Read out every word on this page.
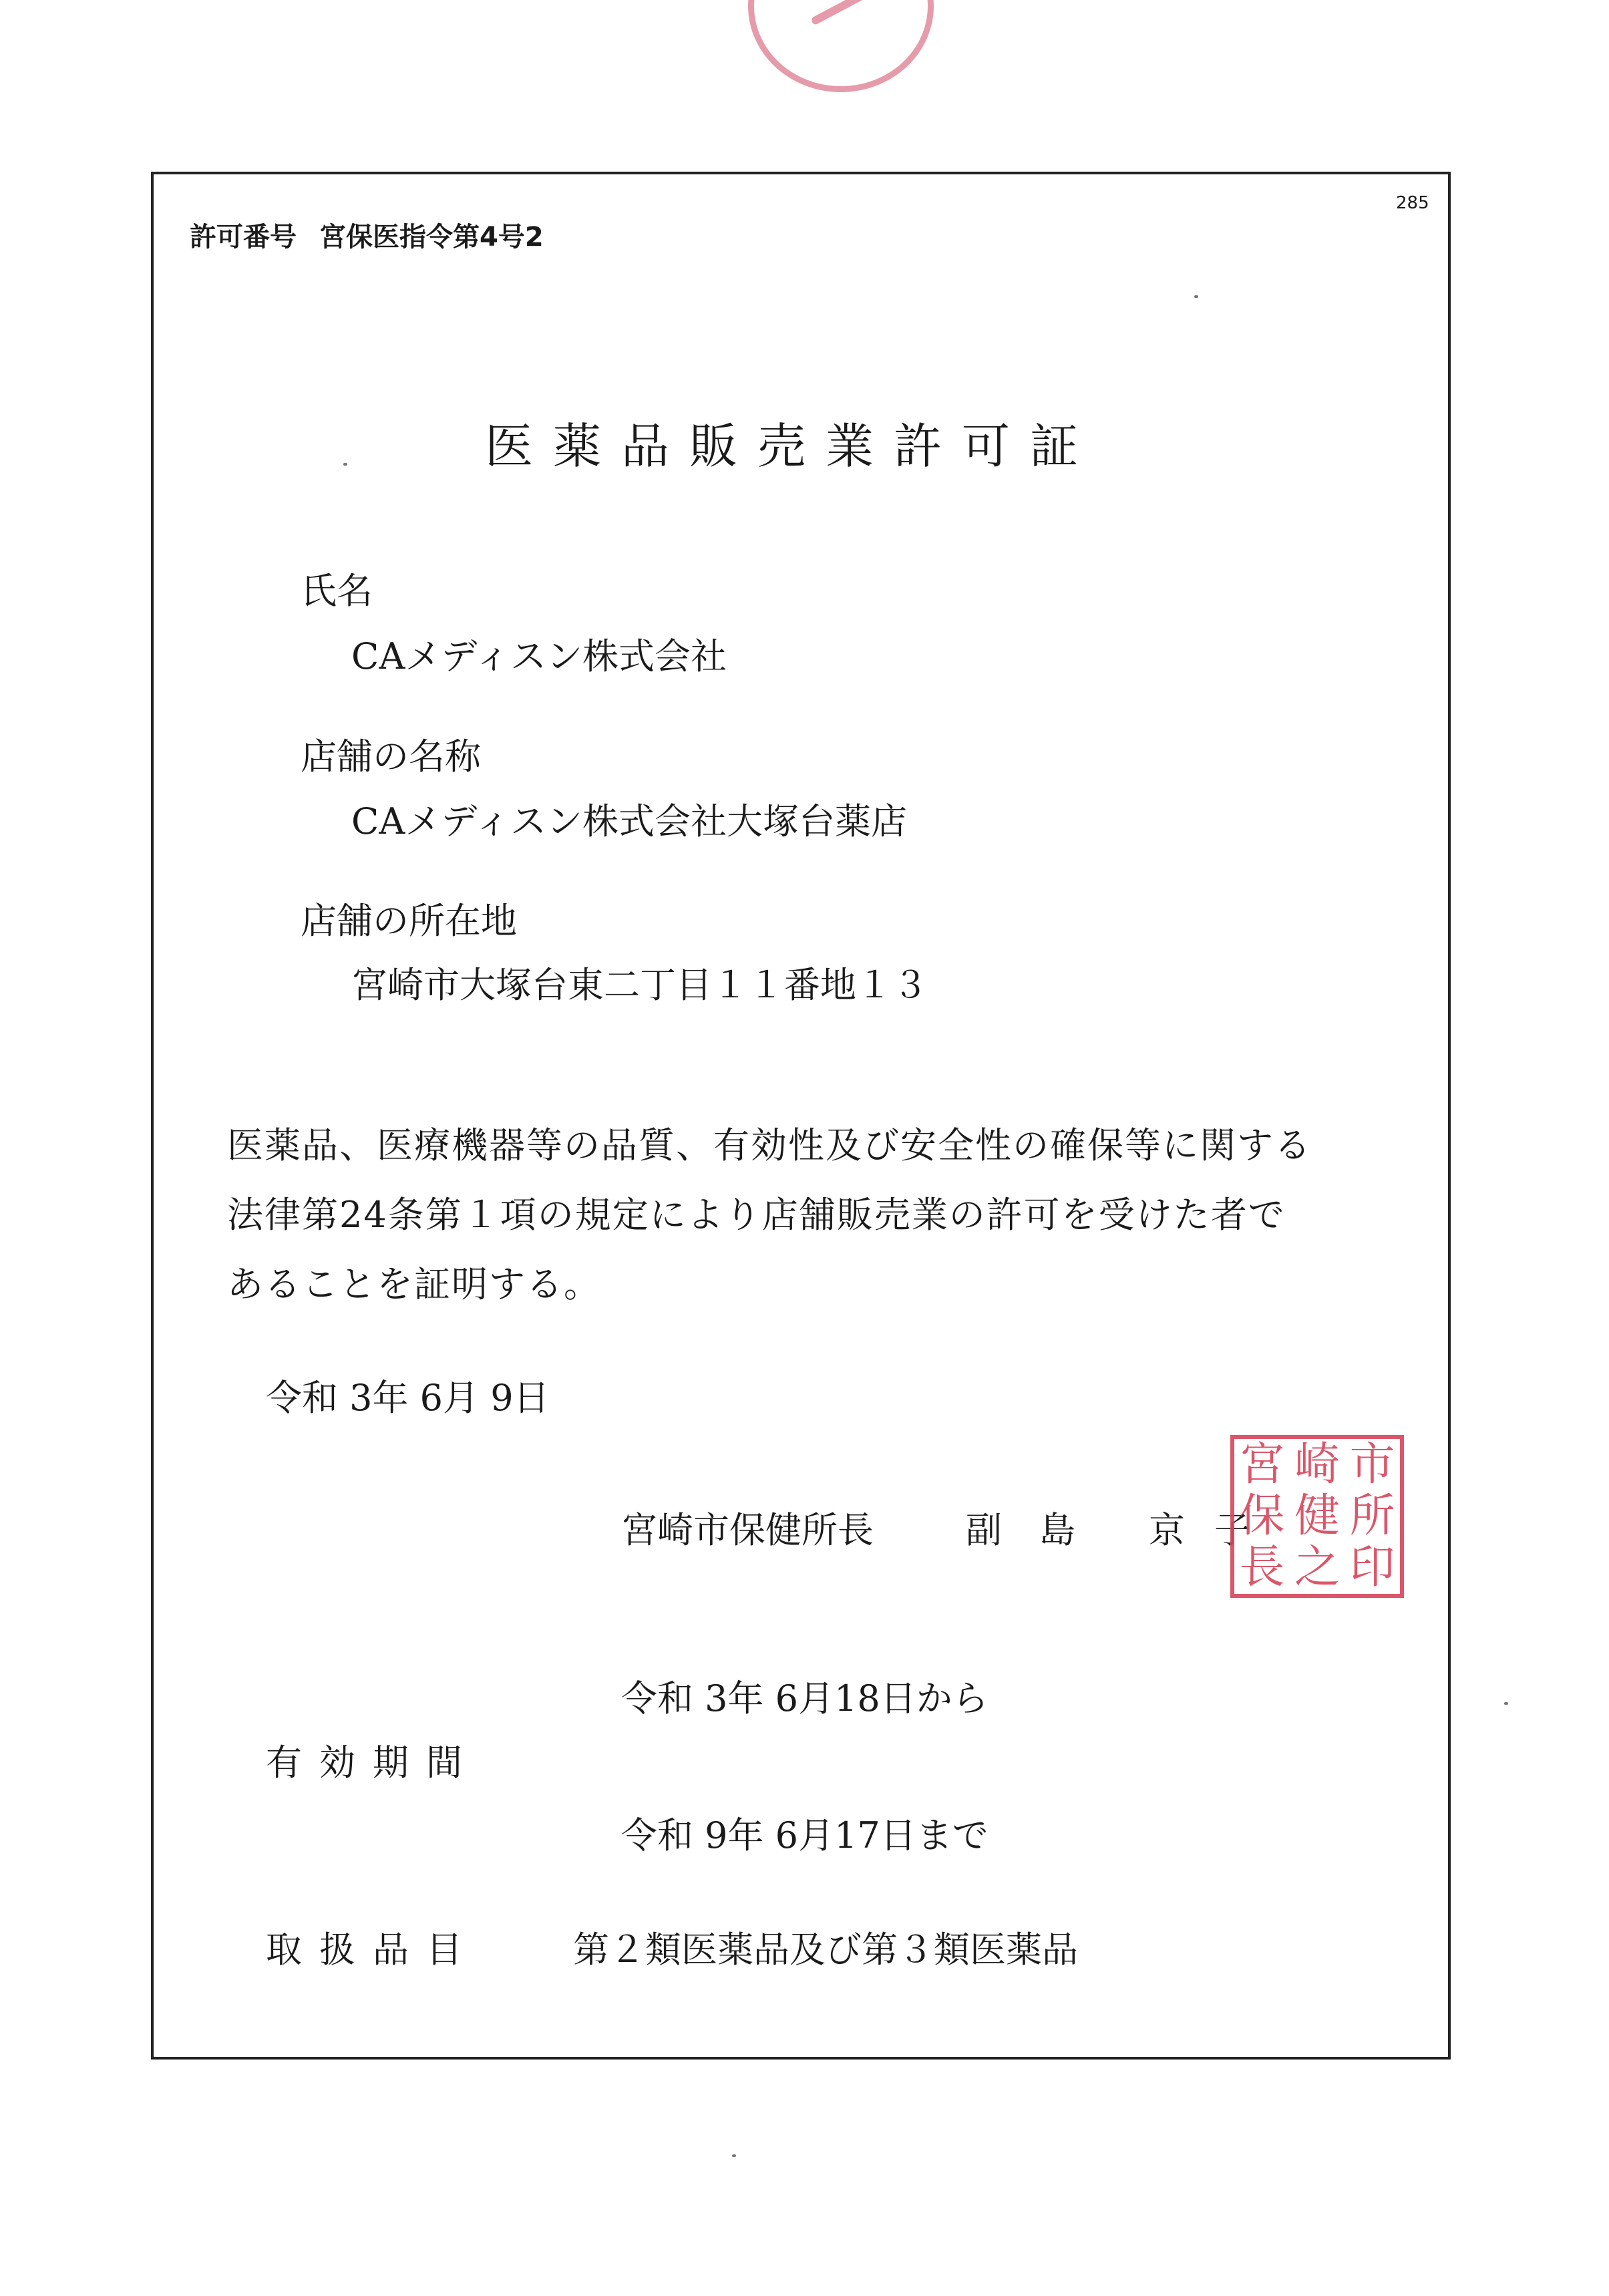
許可番号 宮保医指令第4号2
285
医薬品販売業許可証
氏名
CAメディスン株式会社
店舗の名称
CAメディスン株式会社大塚台薬店
店舗の所在地
宮崎市大塚台東二丁目１１番地１３
医薬品、医療機器等の品質、有効性及び安全性の確保等に関する
法律第24条第１項の規定により店舗販売業の許可を受けた者で
あることを証明する。
令和 3年 6月 9日
宮崎市保健所長	副 島 京 子
宮 崎 市
保 健 所
長 之 印
令和 3年 6月18日から
有効期間
令和 9年 6月17日まで
取扱品目	第２類医薬品及び第３類医薬品
